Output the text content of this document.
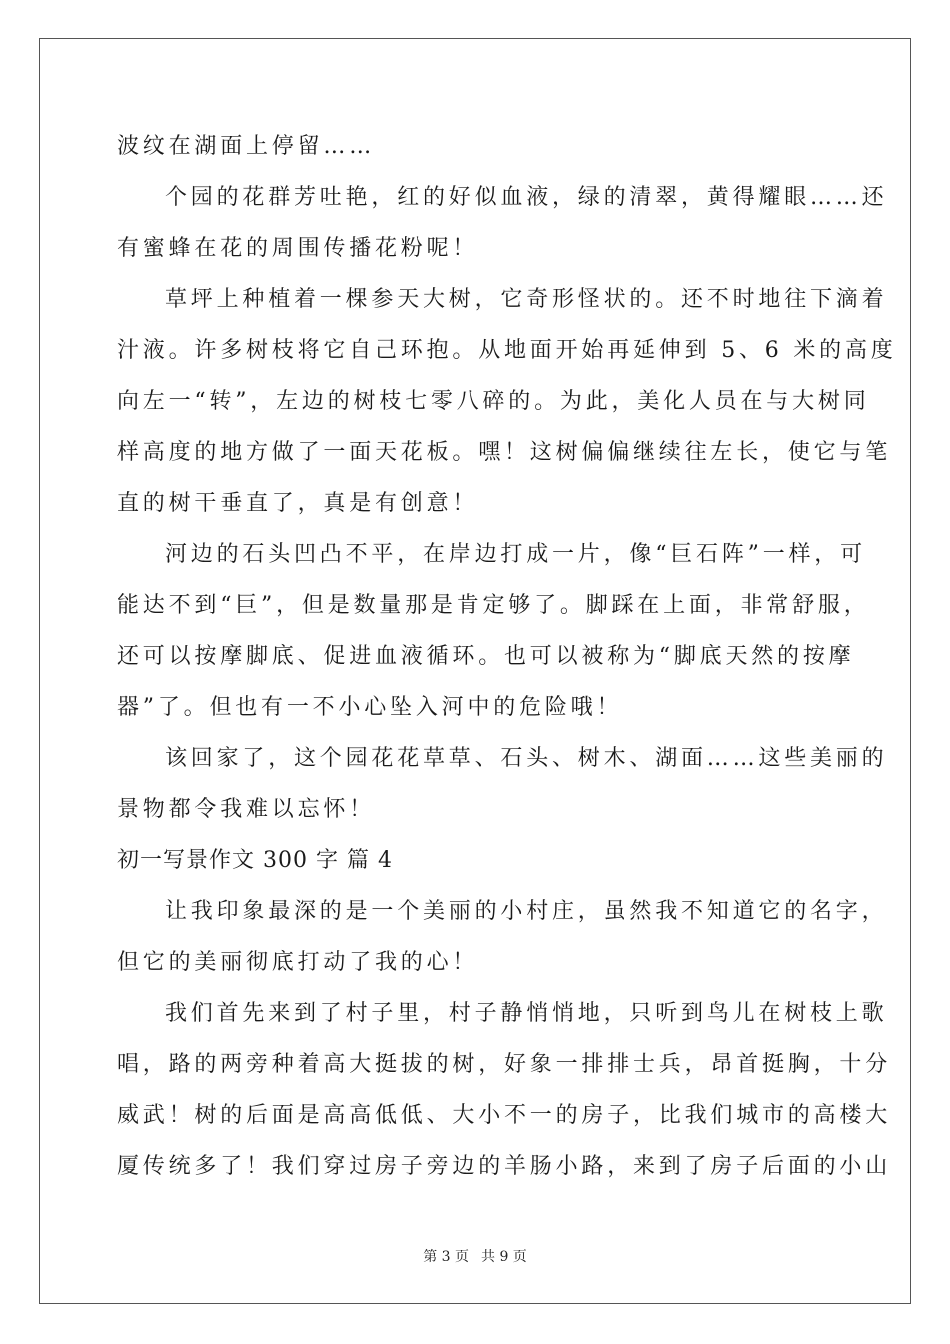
波纹在湖面上停留……

个园的花群芳吐艳，红的好似血液，绿的清翠，黄得耀眼……还

有蜜蜂在花的周围传播花粉呢！

草坪上种植着一棵参天大树，它奇形怪状的。还不时地往下滴着

汁液。许多树枝将它自己环抱。从地面开始再延伸到 5、6 米的高度

向左一“转”，左边的树枝七零八碎的。为此，美化人员在与大树同

样高度的地方做了一面天花板。嘿！这树偏偏继续往左长，使它与笔

直的树干垂直了，真是有创意！

河边的石头凹凸不平，在岸边打成一片，像“巨石阵”一样，可

能达不到“巨”，但是数量那是肯定够了。脚踩在上面，非常舒服，

还可以按摩脚底、促进血液循环。也可以被称为“脚底天然的按摩

器”了。但也有一不小心坠入河中的危险哦！

该回家了，这个园花花草草、石头、树木、湖面……这些美丽的

景物都令我难以忘怀！

初一写景作文 300 字 篇 4

让我印象最深的是一个美丽的小村庄，虽然我不知道它的名字，

但它的美丽彻底打动了我的心！

我们首先来到了村子里，村子静悄悄地，只听到鸟儿在树枝上歌

唱，路的两旁种着高大挺拔的树，好象一排排士兵，昂首挺胸，十分

威武！树的后面是高高低低、大小不一的房子，比我们城市的高楼大

厦传统多了！我们穿过房子旁边的羊肠小路，来到了房子后面的小山

第 3 页 共 9 页
